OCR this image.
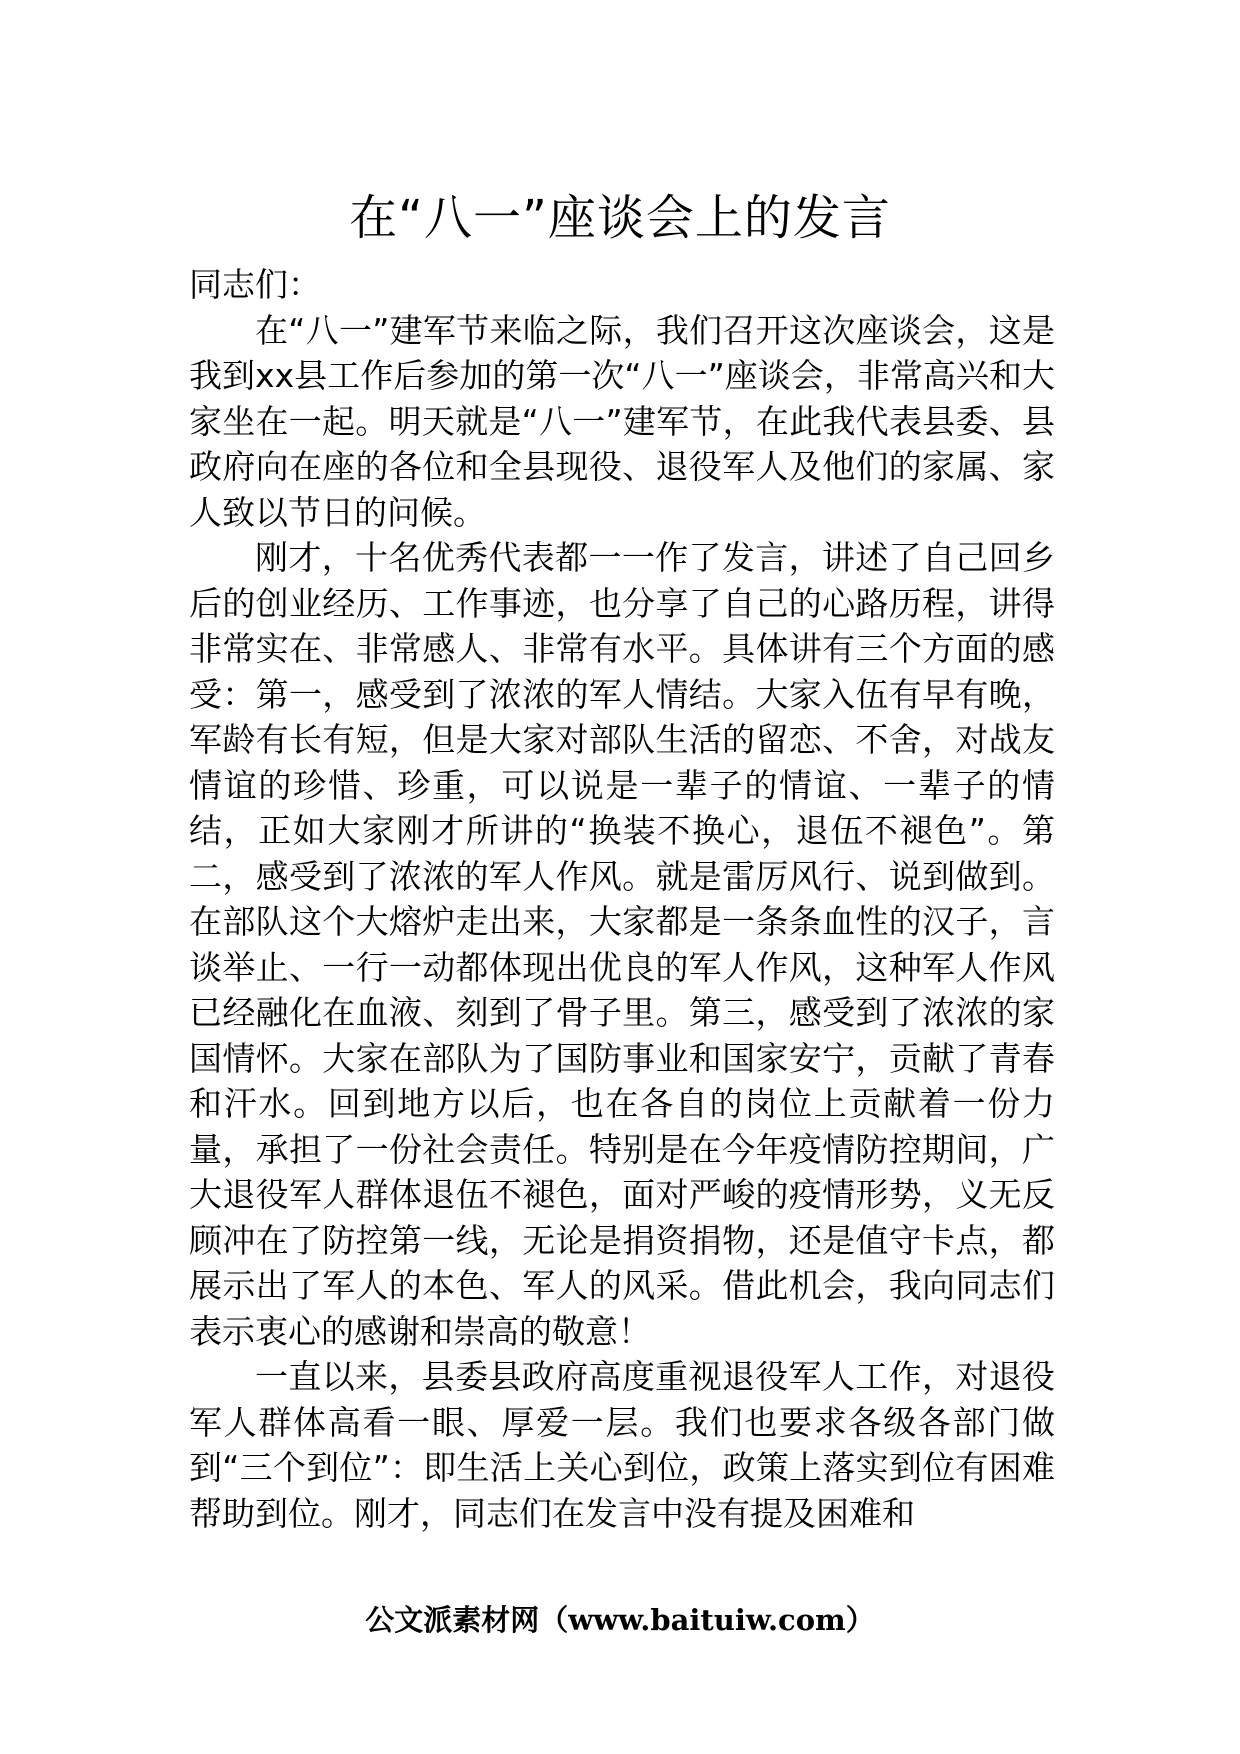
在“八一”座谈会上的发言

同志们：

在“八一”建军节来临之际，我们召开这次座谈会，这是我到xx县工作后参加的第一次“八一”座谈会，非常高兴和大家坐在一起。明天就是“八一”建军节，在此我代表县委、县政府向在座的各位和全县现役、退役军人及他们的家属、家人致以节日的问候。

刚才，十名优秀代表都一一作了发言，讲述了自己回乡后的创业经历、工作事迹，也分享了自己的心路历程，讲得非常实在、非常感人、非常有水平。具体讲有三个方面的感受：第一，感受到了浓浓的军人情结。大家入伍有早有晚，军龄有长有短，但是大家对部队生活的留恋、不舍，对战友情谊的珍惜、珍重，可以说是一辈子的情谊、一辈子的情结，正如大家刚才所讲的“换装不换心，退伍不褪色”。第二，感受到了浓浓的军人作风。就是雷厉风行、说到做到。在部队这个大熔炉走出来，大家都是一条条血性的汉子，言谈举止、一行一动都体现出优良的军人作风，这种军人作风已经融化在血液、刻到了骨子里。第三，感受到了浓浓的家国情怀。大家在部队为了国防事业和国家安宁，贡献了青春和汗水。回到地方以后，也在各自的岗位上贡献着一份力量，承担了一份社会责任。特别是在今年疫情防控期间，广大退役军人群体退伍不褪色，面对严峻的疫情形势，义无反顾冲在了防控第一线，无论是捐资捐物，还是值守卡点，都展示出了军人的本色、军人的风采。借此机会，我向同志们表示衷心的感谢和崇高的敬意！

一直以来，县委县政府高度重视退役军人工作，对退役军人群体高看一眼、厚爱一层。我们也要求各级各部门做到“三个到位”：即生活上关心到位，政策上落实到位有困难帮助到位。刚才，同志们在发言中没有提及困难和

公文派素材网（www.baituiw.com）
